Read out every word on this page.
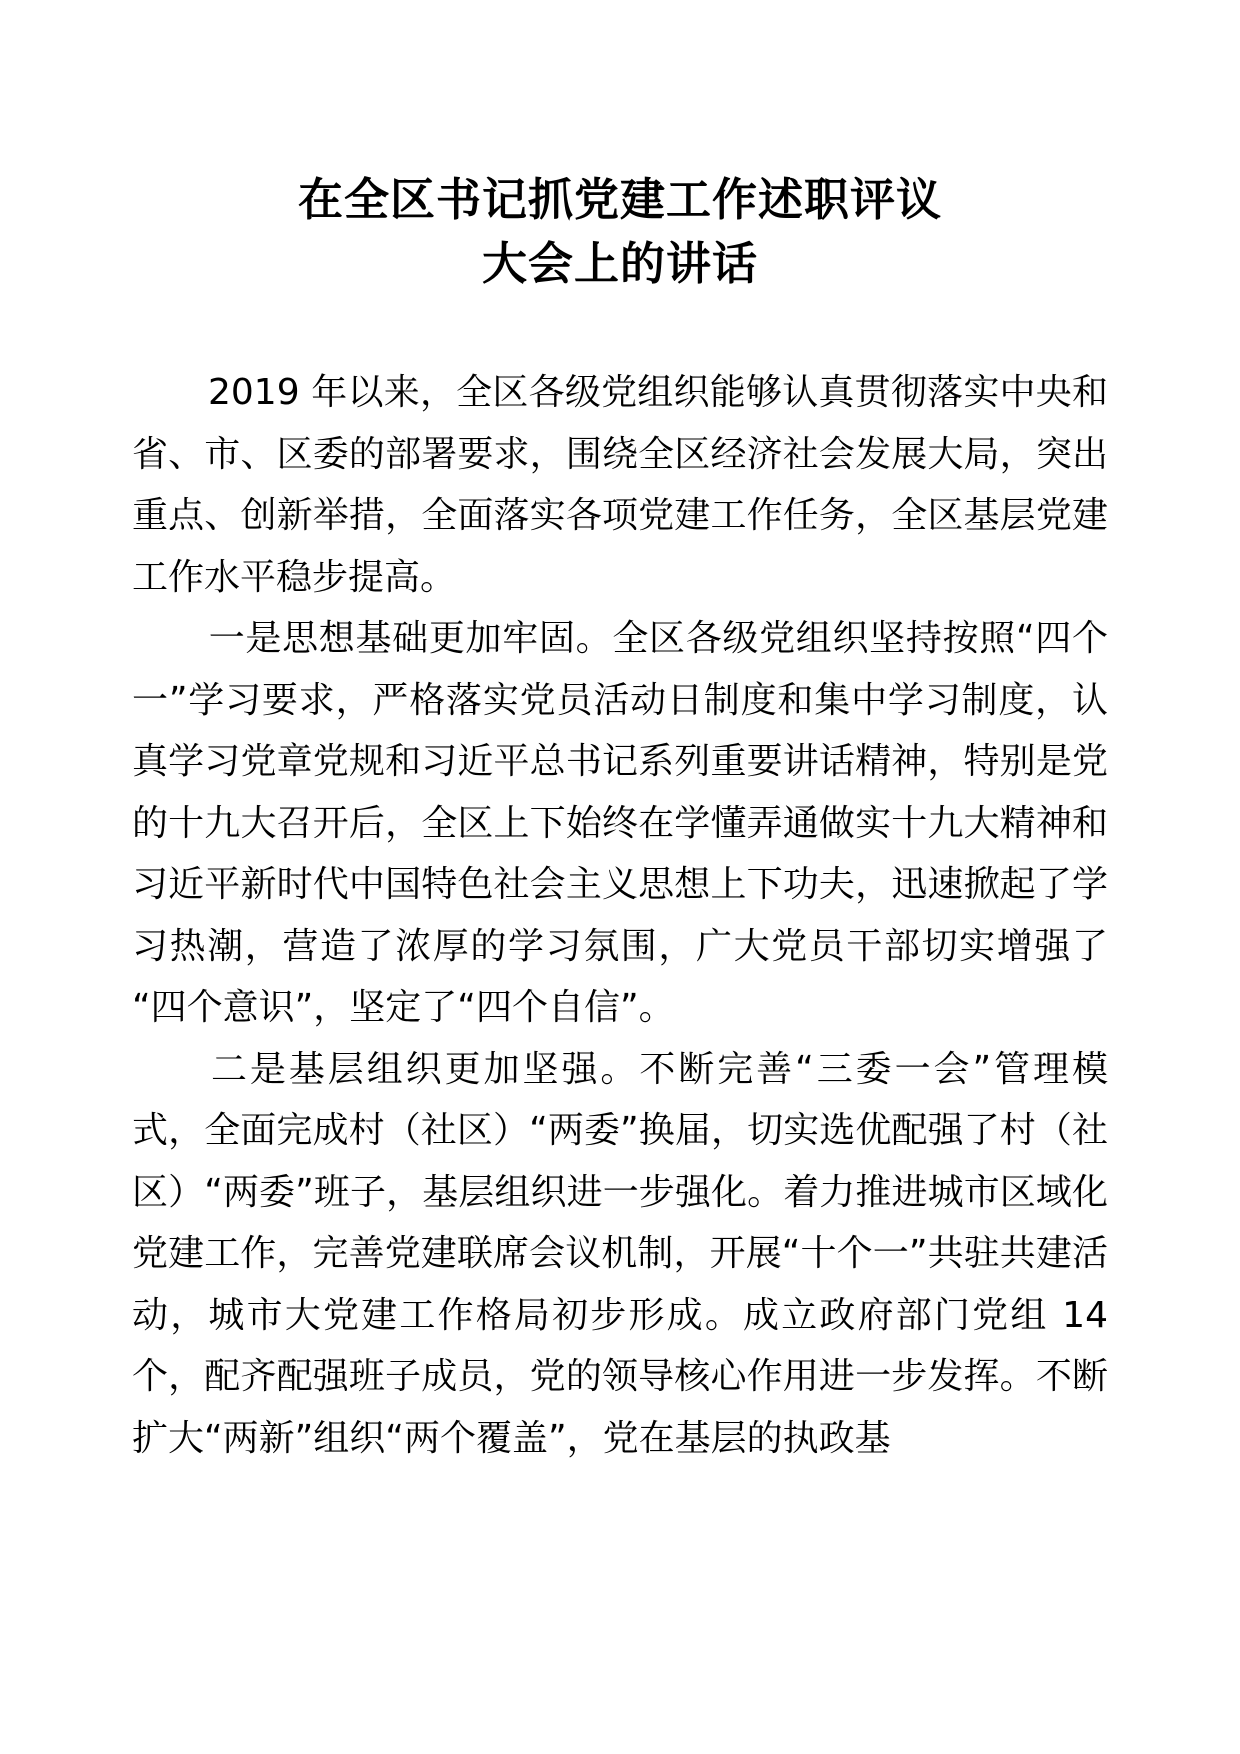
在全区书记抓党建工作述职评议
大会上的讲话

2019 年以来，全区各级党组织能够认真贯彻落实中央和省、市、区委的部署要求，围绕全区经济社会发展大局，突出重点、创新举措，全面落实各项党建工作任务，全区基层党建工作水平稳步提高。

一是思想基础更加牢固。全区各级党组织坚持按照“四个一”学习要求，严格落实党员活动日制度和集中学习制度，认真学习党章党规和习近平总书记系列重要讲话精神，特别是党的十九大召开后，全区上下始终在学懂弄通做实十九大精神和习近平新时代中国特色社会主义思想上下功夫，迅速掀起了学习热潮，营造了浓厚的学习氛围，广大党员干部切实增强了“四个意识”，坚定了“四个自信”。

二是基层组织更加坚强。不断完善“三委一会”管理模式，全面完成村（社区）“两委”换届，切实选优配强了村（社区）“两委”班子，基层组织进一步强化。着力推进城市区域化党建工作，完善党建联席会议机制，开展“十个一”共驻共建活动，城市大党建工作格局初步形成。成立政府部门党组 14 个，配齐配强班子成员，党的领导核心作用进一步发挥。不断扩大“两新”组织“两个覆盖”，党在基层的执政基
